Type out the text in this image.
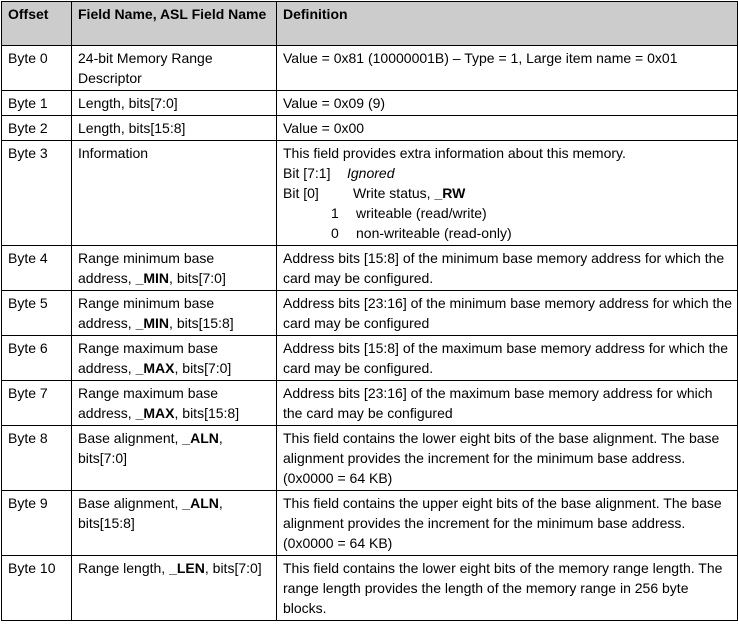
Offset	Field Name, ASL Field Name	Definition
Byte 0	24-bit Memory Range Descriptor	Value = 0x81 (10000001B) – Type = 1, Large item name = 0x01
Byte 1	Length, bits[7:0]	Value = 0x09 (9)
Byte 2	Length, bits[15:8]	Value = 0x00
Byte 3	Information	This field provides extra information about this memory.
Bit [7:1] Ignored
Bit [0] Write status, _RW
1 writeable (read/write)
0 non-writeable (read-only)

Byte 4	Range minimum base address, _MIN, bits[7:0]	Address bits [15:8] of the minimum base memory address for which the card may be configured.
Byte 5	Range minimum base address, _MIN, bits[15:8]	Address bits [23:16] of the minimum base memory address for which the card may be configured
Byte 6	Range maximum base address, _MAX, bits[7:0]	Address bits [15:8] of the maximum base memory address for which the card may be configured.
Byte 7	Range maximum base address, _MAX, bits[15:8]	Address bits [23:16] of the maximum base memory address for which the card may be configured
Byte 8	Base alignment, _ALN, bits[7:0]	This field contains the lower eight bits of the base alignment. The base alignment provides the increment for the minimum base address. (0x0000 = 64 KB)
Byte 9	Base alignment, _ALN, bits[15:8]	This field contains the upper eight bits of the base alignment. The base alignment provides the increment for the minimum base address. (0x0000 = 64 KB)
Byte 10	Range length, _LEN, bits[7:0]	This field contains the lower eight bits of the memory range length. The range length provides the length of the memory range in 256 byte blocks.
